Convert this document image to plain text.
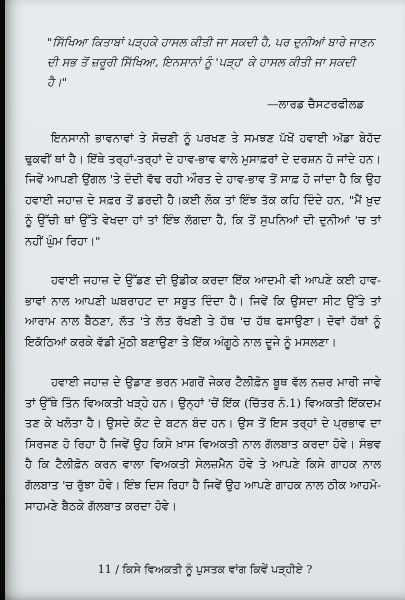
"ਸਿੱਖਿਆ ਕਿਤਾਬਾਂ ਪੜ੍ਹਕੇ ਹਾਸਲ ਕੀਤੀ ਜਾ ਸਕਦੀ ਹੈ, ਪਰ ਦੁਨੀਆਂ ਬਾਰੇ ਜਾਣਨ ਦੀ ਸਭ ਤੋਂ ਜ਼ਰੂਰੀ ਸਿੱਖਿਆ, ਇਨਸਾਨਾਂ ਨੂੰ 'ਪੜ੍ਹ' ਕੇ ਹਾਸਲ ਕੀਤੀ ਜਾ ਸਕਦੀ ਹੈ।"
—ਲਾਰਡ ਚੈਸਟਰਫੀਲਡ

ਇਨਸਾਨੀ ਭਾਵਨਾਵਾਂ ਤੇ ਸੋਚਣੀ ਨੂੰ ਪਰਖਣ ਤੇ ਸਮਝਣ ਪੱਖੋਂ ਹਵਾਈ ਅੱਡਾ ਬੇਹੱਦ ਢੁਕਵੀਂ ਥਾਂ ਹੈ। ਇੱਥੇ ਤਰ੍ਹਾਂ-ਤਰ੍ਹਾਂ ਦੇ ਹਾਵ-ਭਾਵ ਵਾਲੇ ਮੁਸਾਫ਼ਰਾਂ ਦੇ ਦਰਸ਼ਨ ਹੋ ਜਾਂਦੇ ਹਨ। ਜਿਵੇਂ ਆਪਣੀ ਉਂਗਲ 'ਤੇ ਦੰਦੀ ਵੱਢ ਰਹੀ ਔਰਤ ਦੇ ਹਾਵ-ਭਾਵ ਤੋਂ ਸਾਫ਼ ਹੋ ਜਾਂਦਾ ਹੈ ਕਿ ਉਹ ਹਵਾਈ ਜਹਾਜ਼ ਦੇ ਸਫ਼ਰ ਤੋਂ ਡਰਦੀ ਹੈ।ਕਈ ਲੋਕ ਤਾਂ ਇੰਝ ਤੱਕ ਕਹਿ ਦਿੰਦੇ ਹਨ, "ਮੈਂ ਖ਼ੁਦ ਨੂੰ ਉੱਚੀ ਥਾਂ ਉੱਤੇ ਵੇਖਦਾ ਹਾਂ ਤਾਂ ਇੰਝ ਲੱਗਦਾ ਹੈ, ਕਿ ਤੋਂ ਸੁਪਨਿਆਂ ਦੀ ਦੁਨੀਆਂ 'ਚ ਤਾਂ ਨਹੀਂ ਘੁੰਮ ਰਿਹਾ।"

ਹਵਾਈ ਜਹਾਜ਼ ਦੇ ਉੱਡਣ ਦੀ ਉਡੀਕ ਕਰਦਾ ਇੱਕ ਆਦਮੀ ਵੀ ਆਪਣੇ ਕਈ ਹਾਵ-ਭਾਵਾਂ ਨਾਲ ਆਪਣੀ ਘਬਰਾਹਟ ਦਾ ਸਬੂਤ ਦਿੰਦਾ ਹੈ। ਜਿਵੇਂ ਕਿ ਉਸਦਾ ਸੀਟ ਉੱਤੇ ਤਾਂ ਆਰਾਮ ਨਾਲ ਬੈਠਣਾ, ਲੱਤ 'ਤੇ ਲੱਤ ਰੱਖਣੀ ਤੇ ਹੱਥ 'ਚ ਹੱਥ ਫਸਾਉਣਾ। ਦੋਵਾਂ ਹੱਥਾਂ ਨੂੰ ਇਕੱਠਿਆਂ ਕਰਕੇ ਵੱਡੀ ਮੁੱਠੀ ਬਣਾਉਣਾ ਤੇ ਇੱਕ ਅੰਗੂਠੇ ਨਾਲ ਦੂਜੇ ਨੂੰ ਮਸਲਣਾ।

ਹਵਾਈ ਜਹਾਜ਼ ਦੇ ਉਡਾਣ ਭਰਨ ਮਗਰੋਂ ਜੇਕਰ ਟੈਲੀਫ਼ੋਨ ਬੂਥ ਵੱਲ ਨਜ਼ਰ ਮਾਰੀ ਜਾਵੇ ਤਾਂ ਉੱਥੇ ਤਿੰਨ ਵਿਅਕਤੀ ਖੜ੍ਹੇ ਹਨ। ਉਨ੍ਹਾਂ 'ਚੋਂ ਇੱਕ (ਚਿੱਤਰ ਨੰ.1) ਵਿਅਕਤੀ ਇੱਕਦਮ ਤਣ ਕੇ ਖਲੋਤਾ ਹੈ। ਉਸਦੇ ਕੋਟ ਦੇ ਬਟਨ ਬੰਦ ਹਨ। ਉਸ ਤੋਂ ਇਸ ਤਰ੍ਹਾਂ ਦੇ ਪ੍ਰਭਾਵ ਦਾ ਸਿਰਜਣ ਹੋ ਰਿਹਾ ਹੈ ਜਿਵੇਂ ਉਹ ਕਿਸੇ ਖ਼ਾਸ ਵਿਅਕਤੀ ਨਾਲ ਗੱਲਬਾਤ ਕਰਦਾ ਹੋਵੇ। ਸੰਭਵ ਹੈ ਕਿ ਟੈਲੀਫ਼ੋਨ ਕਰਨ ਵਾਲਾ ਵਿਅਕਤੀ ਸੇਲਜ਼ਮੈਨ ਹੋਵੇ ਤੇ ਆਪਣੇ ਕਿਸੇ ਗਾਹਕ ਨਾਲ ਗੱਲਬਾਤ 'ਚ ਰੁੱਝਾ ਹੋਵੇ। ਇੰਝ ਦਿਸ ਰਿਹਾ ਹੈ ਜਿਵੇਂ ਉਹ ਆਪਣੇ ਗਾਹਕ ਨਾਲ ਠੀਕ ਆਹਮੋ-ਸਾਹਮਣੇ ਬੈਠਕੇ ਗੱਲਬਾਤ ਕਰਦਾ ਹੋਵੇ।

11 / ਕਿਸੇ ਵਿਅਕਤੀ ਨੂੰ ਪੁਸਤਕ ਵਾਂਗ ਕਿਵੇਂ ਪੜ੍ਹੀਏ ?
